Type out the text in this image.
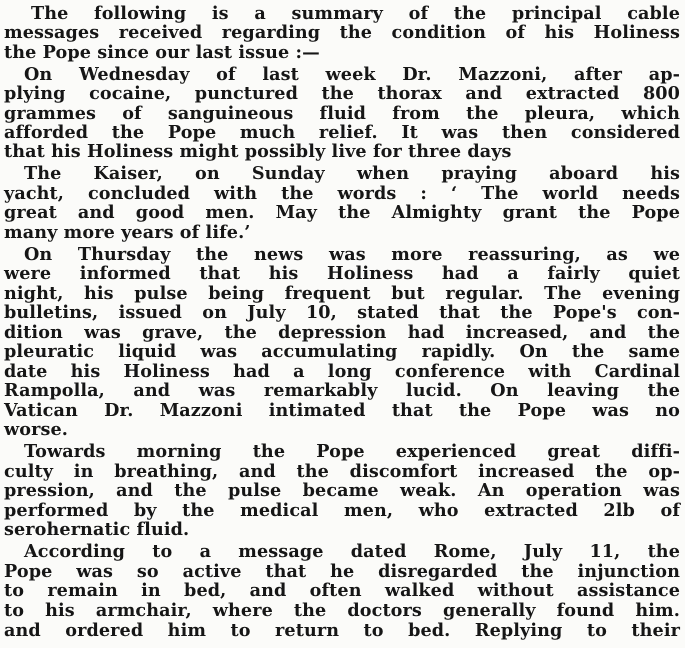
The following is a summary of the principal cable
messages received regarding the condition of his Holiness
the Pope since our last issue :—
On Wednesday of last week Dr. Mazzoni, after ap-
plying cocaine, punctured the thorax and extracted 800
grammes of sanguineous fluid from the pleura, which
afforded the Pope much relief. It was then considered
that his Holiness might possibly live for three days
The Kaiser, on Sunday when praying aboard his
yacht, concluded with the words : ‘ The world needs
great and good men. May the Almighty grant the Pope
many more years of life.’
On Thursday the news was more reassuring, as we
were informed that his Holiness had a fairly quiet
night, his pulse being frequent but regular. The evening
bulletins, issued on July 10, stated that the Pope's con-
dition was grave, the depression had increased, and the
pleuratic liquid was accumulating rapidly. On the same
date his Holiness had a long conference with Cardinal
Rampolla, and was remarkably lucid. On leaving the
Vatican Dr. Mazzoni intimated that the Pope was no
worse.
Towards morning the Pope experienced great diffi-
culty in breathing, and the discomfort increased the op-
pression, and the pulse became weak. An operation was
performed by the medical men, who extracted 2lb of
serohernatic fluid.
According to a message dated Rome, July 11, the
Pope was so active that he disregarded the injunction
to remain in bed, and often walked without assistance
to his armchair, where the doctors generally found him.
and ordered him to return to bed. Replying to their
